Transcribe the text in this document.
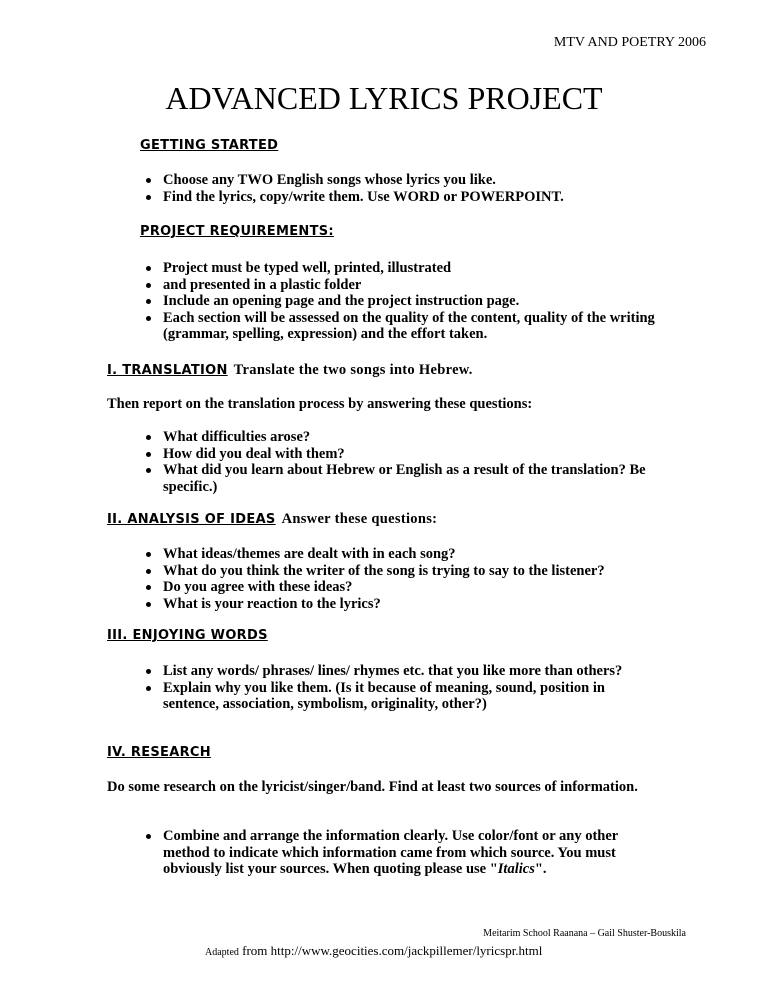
MTV AND POETRY 2006
ADVANCED LYRICS PROJECT
GETTING STARTED
Choose any TWO English songs whose lyrics you like.
Find the lyrics, copy/write them. Use WORD or POWERPOINT.
PROJECT REQUIREMENTS:
Project must be typed well, printed, illustrated
and presented in a plastic folder
Include an opening page and the project instruction page.
Each section will be assessed on the quality of the content, quality of the writing (grammar, spelling, expression) and the effort taken.
I. TRANSLATION Translate the two songs into Hebrew.
Then report on the translation process by answering these questions:
What difficulties arose?
How did you deal with them?
What did you learn about Hebrew or English as a result of the translation? Be specific.)
II. ANALYSIS OF IDEAS Answer these questions:
What ideas/themes are dealt with in each song?
What do you think the writer of the song is trying to say to the listener?
Do you agree with these ideas?
What is your reaction to the lyrics?
III. ENJOYING WORDS
List any words/ phrases/ lines/ rhymes etc. that you like more than others?
Explain why you like them. (Is it because of meaning, sound, position in sentence, association, symbolism, originality, other?)
IV. RESEARCH
Do some research on the lyricist/singer/band. Find at least two sources of information.
Combine and arrange the information clearly. Use color/font or any other method to indicate which information came from which source. You must obviously list your sources. When quoting please use "Italics".
Meitarim School Raanana – Gail Shuster-Bouskila
Adapted from http://www.geocities.com/jackpillemer/lyricspr.html
